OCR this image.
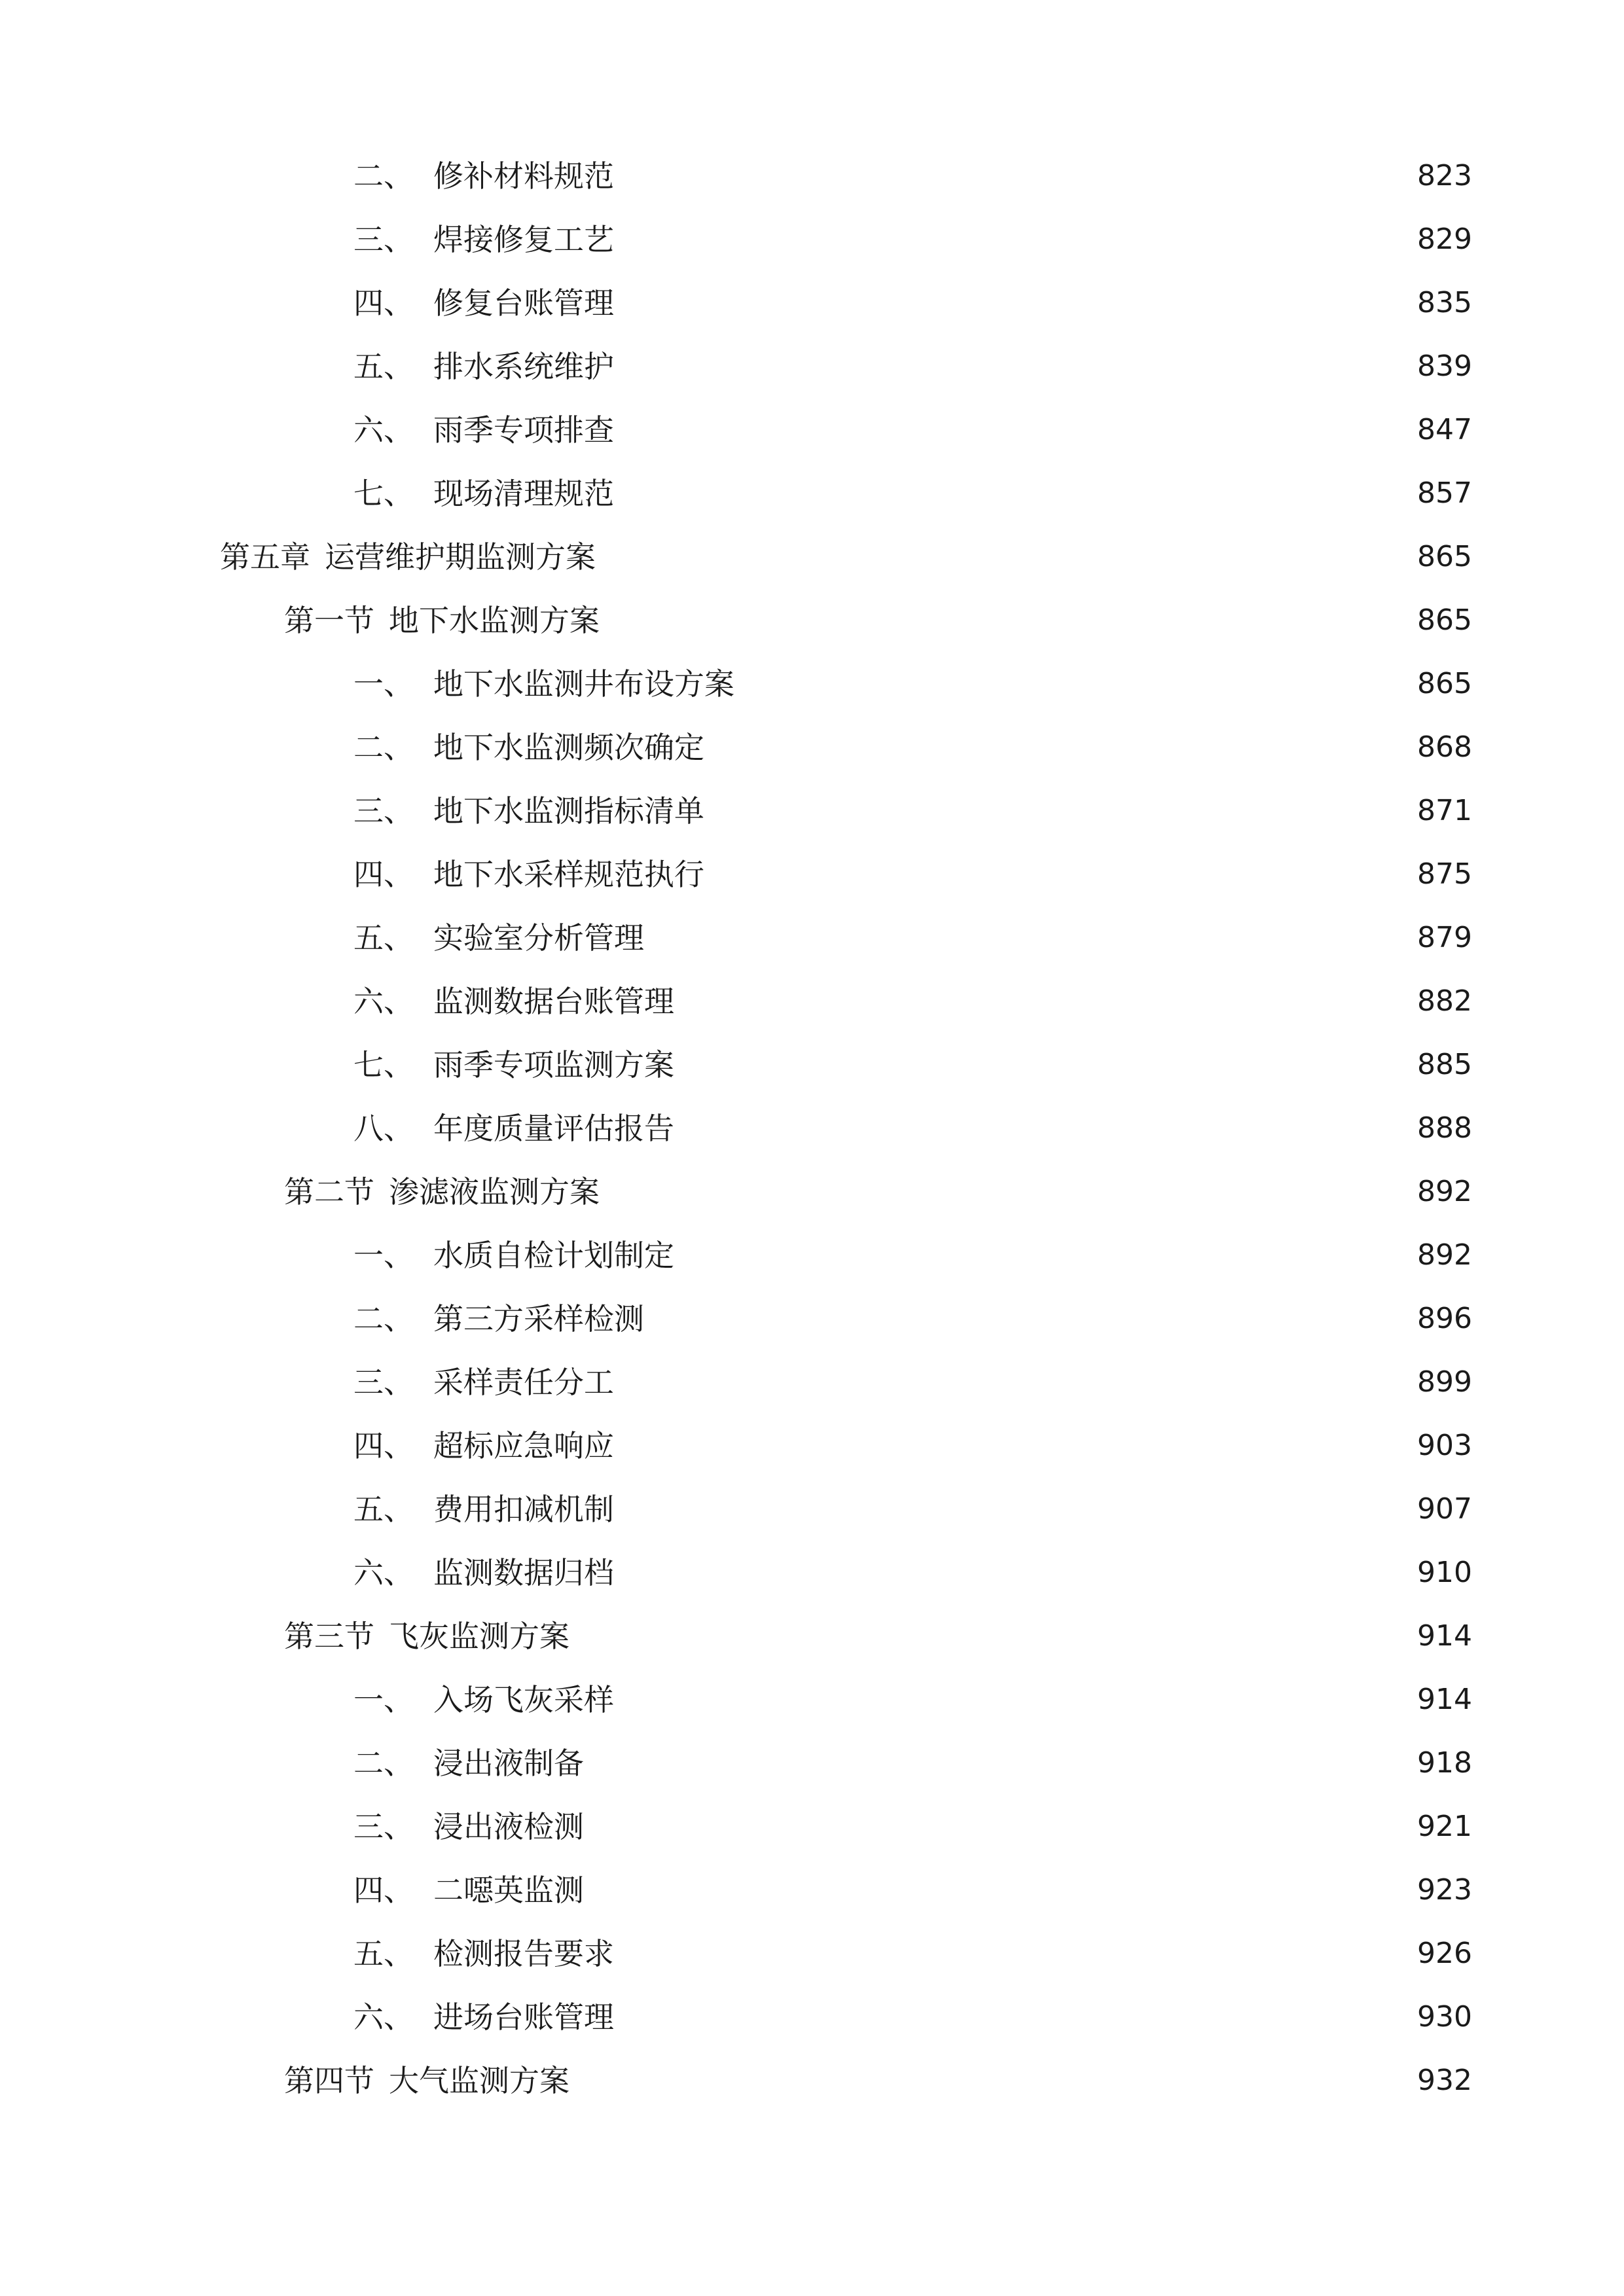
二、 修补材料规范	823
三、 焊接修复工艺	829
四、 修复台账管理	835
五、 排水系统维护	839
六、 雨季专项排查	847
七、 现场清理规范	857
第五章 运营维护期监测方案	865
第一节 地下水监测方案	865
一、 地下水监测井布设方案	865
二、 地下水监测频次确定	868
三、 地下水监测指标清单	871
四、 地下水采样规范执行	875
五、 实验室分析管理	879
六、 监测数据台账管理	882
七、 雨季专项监测方案	885
八、 年度质量评估报告	888
第二节 渗滤液监测方案	892
一、 水质自检计划制定	892
二、 第三方采样检测	896
三、 采样责任分工	899
四、 超标应急响应	903
五、 费用扣减机制	907
六、 监测数据归档	910
第三节 飞灰监测方案	914
一、 入场飞灰采样	914
二、 浸出液制备	918
三、 浸出液检测	921
四、 二噁英监测	923
五、 检测报告要求	926
六、 进场台账管理	930
第四节 大气监测方案	932
